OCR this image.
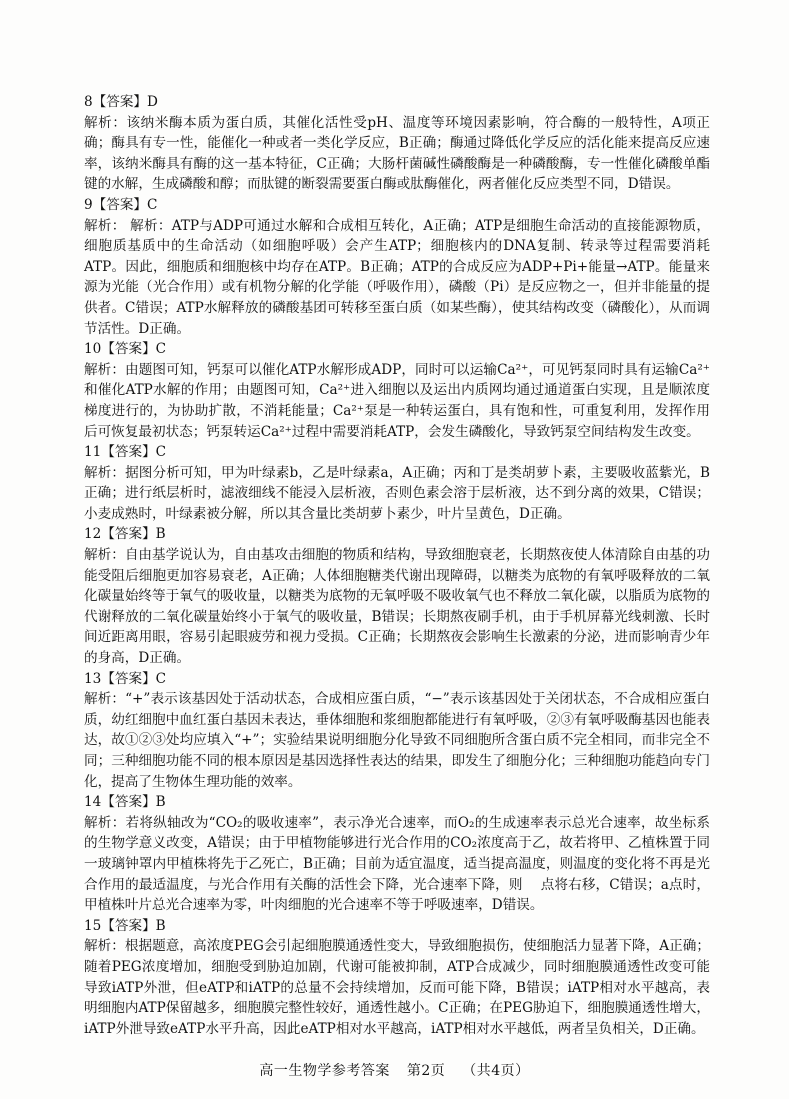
8【答案】D

解析：该纳米酶本质为蛋白质，其催化活性受pH、温度等环境因素影响，符合酶的一般特性，A项正确；酶具有专一性，能催化一种或者一类化学反应，B正确；酶通过降低化学反应的活化能来提高反应速率，该纳米酶具有酶的这一基本特征，C正确；大肠杆菌碱性磷酸酶是一种磷酸酶，专一性催化磷酸单酯键的水解，生成磷酸和醇；而肽键的断裂需要蛋白酶或肽酶催化，两者催化反应类型不同，D错误。

9【答案】C

解析： 解析：ATP与ADP可通过水解和合成相互转化，A正确；ATP是细胞生命活动的直接能源物质，细胞质基质中的生命活动（如细胞呼吸）会产生ATP；细胞核内的DNA复制、转录等过程需要消耗ATP。因此，细胞质和细胞核中均存在ATP。B正确；ATP的合成反应为ADP+Pi+能量→ATP。能量来源为光能（光合作用）或有机物分解的化学能（呼吸作用），磷酸（Pi）是反应物之一，但并非能量的提供者。C错误；ATP水解释放的磷酸基团可转移至蛋白质（如某些酶），使其结构改变（磷酸化），从而调节活性。D正确。

10【答案】C

解析：由题图可知，钙泵可以催化ATP水解形成ADP，同时可以运输Ca²⁺，可见钙泵同时具有运输Ca²⁺和催化ATP水解的作用；由题图可知，Ca²⁺进入细胞以及运出内质网均通过通道蛋白实现，且是顺浓度梯度进行的，为协助扩散，不消耗能量；Ca²⁺泵是一种转运蛋白，具有饱和性，可重复利用，发挥作用后可恢复最初状态；钙泵转运Ca²⁺过程中需要消耗ATP，会发生磷酸化，导致钙泵空间结构发生改变。

11【答案】C

解析：据图分析可知，甲为叶绿素b，乙是叶绿素a，A正确；丙和丁是类胡萝卜素，主要吸收蓝紫光，B正确；进行纸层析时，滤液细线不能浸入层析液，否则色素会溶于层析液，达不到分离的效果，C错误；小麦成熟时，叶绿素被分解，所以其含量比类胡萝卜素少，叶片呈黄色，D正确。

12【答案】B

解析：自由基学说认为，自由基攻击细胞的物质和结构，导致细胞衰老，长期熬夜使人体清除自由基的功能受阻后细胞更加容易衰老，A正确；人体细胞糖类代谢出现障碍，以糖类为底物的有氧呼吸释放的二氧化碳量始终等于氧气的吸收量，以糖类为底物的无氧呼吸不吸收氧气也不释放二氧化碳，以脂质为底物的代谢释放的二氧化碳量始终小于氧气的吸收量，B错误；长期熬夜刷手机，由于手机屏幕光线刺激、长时间近距离用眼，容易引起眼疲劳和视力受损。C正确；长期熬夜会影响生长激素的分泌，进而影响青少年的身高，D正确。

13【答案】C

解析：“+”表示该基因处于活动状态，合成相应蛋白质，“−”表示该基因处于关闭状态，不合成相应蛋白质，幼红细胞中血红蛋白基因未表达，垂体细胞和浆细胞都能进行有氧呼吸，②③有氧呼吸酶基因也能表达，故①②③处均应填入“+”；实验结果说明细胞分化导致不同细胞所含蛋白质不完全相同，而非完全不同；三种细胞功能不同的根本原因是基因选择性表达的结果，即发生了细胞分化；三种细胞功能趋向专门化，提高了生物体生理功能的效率。

14【答案】B

解析：若将纵轴改为“CO₂的吸收速率”，表示净光合速率，而O₂的生成速率表示总光合速率，故坐标系的生物学意义改变，A错误；由于甲植物能够进行光合作用的CO₂浓度高于乙，故若将甲、乙植株置于同一玻璃钟罩内甲植株将先于乙死亡，B正确；目前为适宜温度，适当提高温度，则温度的变化将不再是光合作用的最适温度，与光合作用有关酶的活性会下降，光合速率下降，则　 点将右移，C错误；a点时，甲植株叶片总光合速率为零，叶肉细胞的光合速率不等于呼吸速率，D错误。

15【答案】B

解析：根据题意，高浓度PEG会引起细胞膜通透性变大，导致细胞损伤，使细胞活力显著下降，A正确；随着PEG浓度增加，细胞受到胁迫加剧，代谢可能被抑制，ATP合成减少，同时细胞膜通透性改变可能导致iATP外泄，但eATP和iATP的总量不会持续增加，反而可能下降，B错误；iATP相对水平越高，表明细胞内ATP保留越多，细胞膜完整性较好，通透性越小。C正确；在PEG胁迫下，细胞膜通透性增大，iATP外泄导致eATP水平升高，因此eATP相对水平越高，iATP相对水平越低，两者呈负相关，D正确。

高一生物学参考答案 第2页 （共4页）
